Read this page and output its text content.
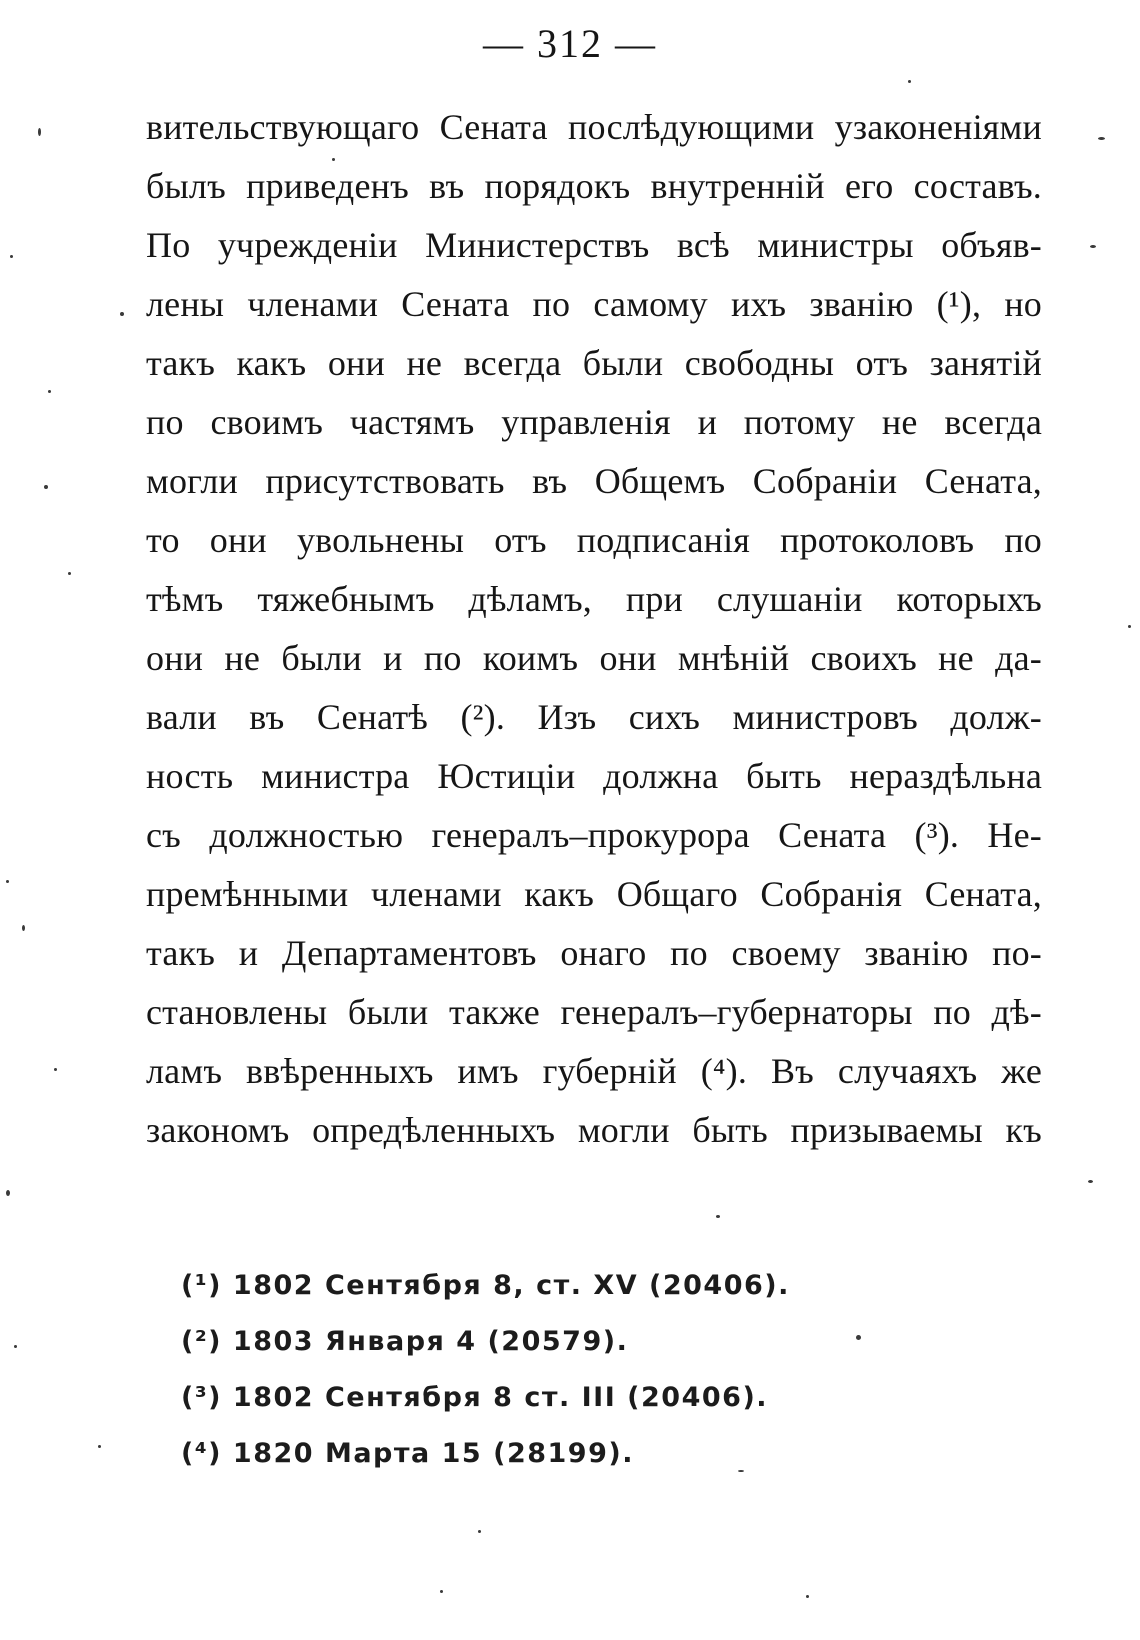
— 312 —
вительствующаго Сената послѣдующими узаконеніями
былъ приведенъ въ порядокъ внутренній его составъ.
По учрежденіи Министерствъ всѣ министры объяв-
лены членами Сената по самому ихъ званію (¹), но
такъ какъ они не всегда были свободны отъ занятій
по своимъ частямъ управленія и потому не всегда
могли присутствовать въ Общемъ Собраніи Сената,
то они увольнены отъ подписанія протоколовъ по
тѣмъ тяжебнымъ дѣламъ, при слушаніи которыхъ
они не были и по коимъ они мнѣній своихъ не да-
вали въ Сенатѣ (²). Изъ сихъ министровъ долж-
ность министра Юстиціи должна быть нераздѣльна
съ должностью генералъ–прокурора Сената (³). Не-
премѣнными членами какъ Общаго Собранія Сената,
такъ и Департаментовъ онаго по своему званію по-
становлены были также генералъ–губернаторы по дѣ-
ламъ ввѣренныхъ имъ губерній (⁴). Въ случаяхъ же
закономъ опредѣленныхъ могли быть призываемы къ
(¹) 1802 Сентября 8, ст. XV (20406).
(²) 1803 Января 4 (20579).
(³) 1802 Сентября 8 ст. III (20406).
(⁴) 1820 Марта 15 (28199).
